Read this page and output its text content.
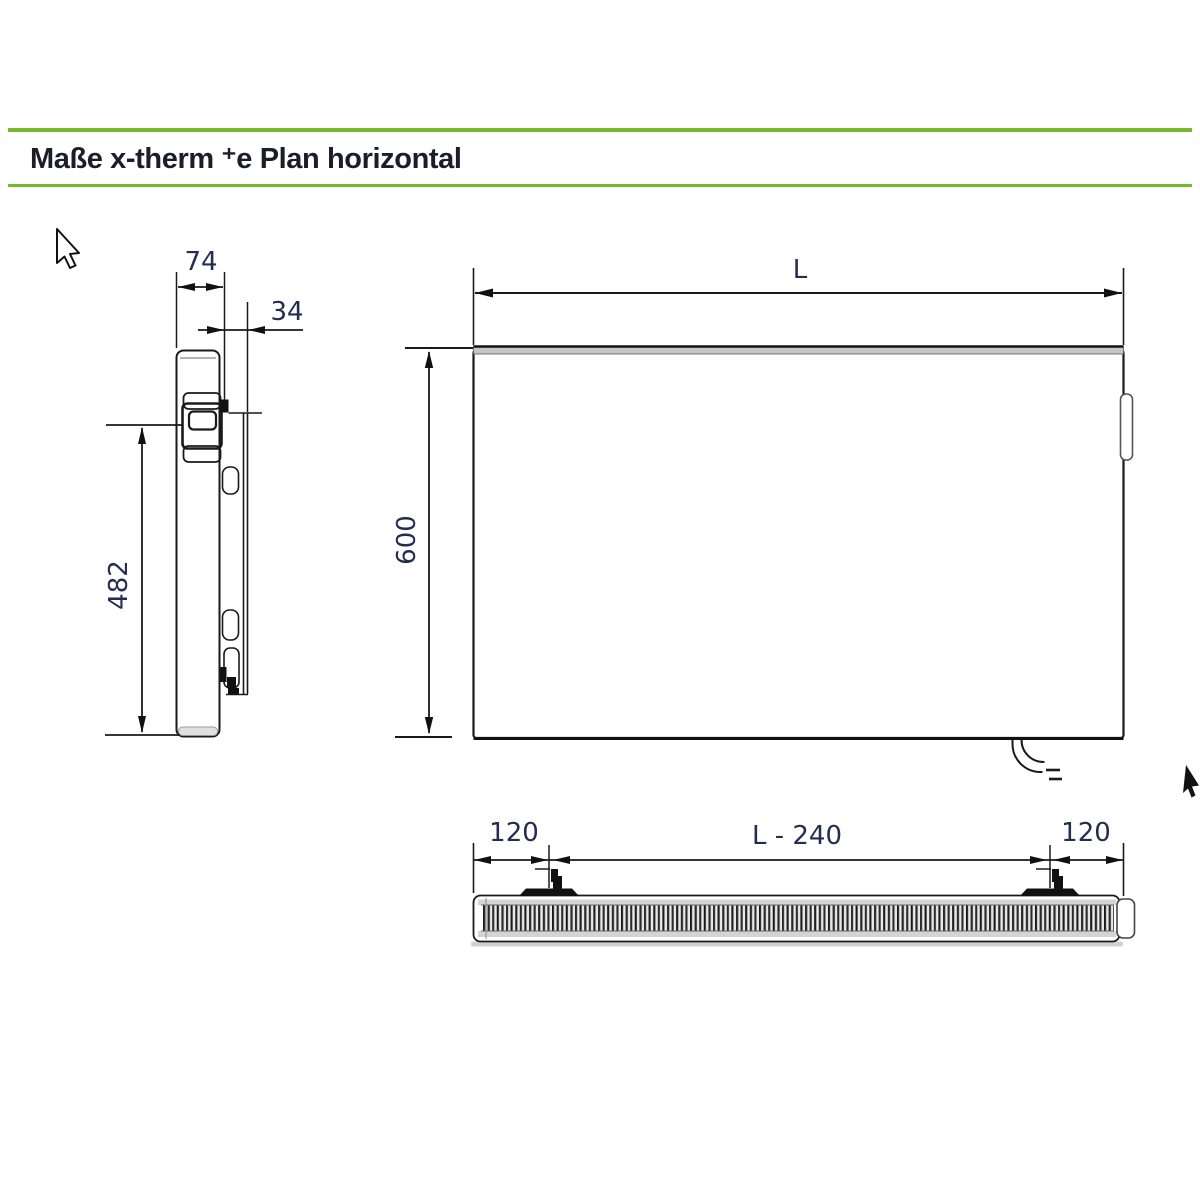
Maße x-therm ⁺e Plan horizontal
74
34
482
L
600
120	L - 240	120
